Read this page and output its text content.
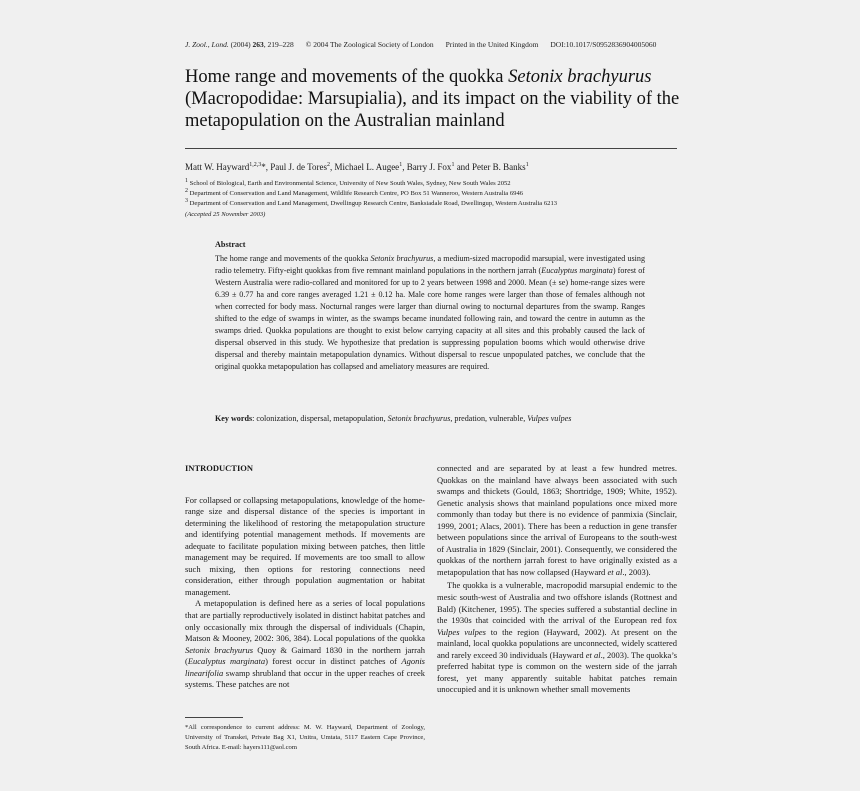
J. Zool., Lond. (2004) 263, 219–228 © 2004 The Zoological Society of London Printed in the United Kingdom DOI:10.1017/S0952836904005060
Home range and movements of the quokka Setonix brachyurus (Macropodidae: Marsupialia), and its impact on the viability of the metapopulation on the Australian mainland
Matt W. Hayward$^{1,2,3}$*, Paul J. de Tores$^2$, Michael L. Augee$^1$, Barry J. Fox$^1$ and Peter B. Banks$^1$
$^1$ School of Biological, Earth and Environmental Science, University of New South Wales, Sydney, New South Wales 2052
$^2$ Department of Conservation and Land Management, Wildlife Research Centre, PO Box 51 Wanneroo, Western Australia 6946
$^3$ Department of Conservation and Land Management, Dwellingup Research Centre, Banksiadale Road, Dwellingup, Western Australia 6213
(Accepted 25 November 2003)
Abstract

The home range and movements of the quokka Setonix brachyurus, a medium-sized macropodid marsupial, were investigated using radio telemetry. Fifty-eight quokkas from five remnant mainland populations in the northern jarrah (Eucalyptus marginata) forest of Western Australia were radio-collared and monitored for up to 2 years between 1998 and 2000. Mean (± se) home-range sizes were 6.39 ± 0.77 ha and core ranges averaged 1.21 ± 0.12 ha. Male core home ranges were larger than those of females although not when corrected for body mass. Nocturnal ranges were larger than diurnal owing to nocturnal departures from the swamp. Ranges shifted to the edge of swamps in winter, as the swamps became inundated following rain, and toward the centre in autumn as the swamps dried. Quokka populations are thought to exist below carrying capacity at all sites and this probably caused the lack of dispersal observed in this study. We hypothesize that predation is suppressing population booms which would otherwise drive dispersal and thereby maintain metapopulation dynamics. Without dispersal to rescue unpopulated patches, we conclude that the original quokka metapopulation has collapsed and ameliatory measures are required.

Key words: colonization, dispersal, metapopulation, Setonix brachyurus, predation, vulnerable, Vulpes vulpes
INTRODUCTION

For collapsed or collapsing metapopulations, knowledge of the home-range size and dispersal distance of the species is important in determining the likelihood of restoring the metapopulation structure and identifying potential management methods. If movements are adequate to facilitate population mixing between patches, then little management may be required. If movements are too small to allow such mixing, then options for restoring connections need consideration, either through population augmentation or habitat management.

A metapopulation is defined here as a series of local populations that are partially reproductively isolated in distinct habitat patches and only occasionally mix through the dispersal of individuals (Chapin, Matson & Mooney, 2002: 306, 384). Local populations of the quokka Setonix brachyurus Quoy & Gaimard 1830 in the northern jarrah (Eucalyptus marginata) forest occur in distinct patches of Agonis linearifolia swamp shrubland that occur in the upper reaches of creek systems. These patches are not

connected and are separated by at least a few hundred metres. Quokkas on the mainland have always been associated with such swamps and thickets (Gould, 1863; Shortridge, 1909; White, 1952). Genetic analysis shows that mainland populations once mixed more commonly than today but there is no evidence of panmixia (Sinclair, 1999, 2001; Alacs, 2001). There has been a reduction in gene transfer between populations since the arrival of Europeans to the south-west of Australia in 1829 (Sinclair, 2001). Consequently, we considered the quokkas of the northern jarrah forest to have originally existed as a metapopulation that has now collapsed (Hayward et al., 2003).

The quokka is a vulnerable, macropodid marsupial endemic to the mesic south-west of Australia and two offshore islands (Rottnest and Bald) (Kitchener, 1995). The species suffered a substantial decline in the 1930s that coincided with the arrival of the European red fox Vulpes vulpes to the region (Hayward, 2002). At present on the mainland, local quokka populations are unconnected, widely scattered and rarely exceed 30 individuals (Hayward et al., 2003). The quokka’s preferred habitat type is common on the western side of the jarrah forest, yet many apparently suitable habitat patches remain unoccupied and it is unknown whether small movements

*All correspondence to current address: M. W. Hayward, Department of Zoology, University of Transkei, Private Bag X1, Unitra, Umtata, 5117 Eastern Cape Province, South Africa. E-mail: hayers111@aol.com
